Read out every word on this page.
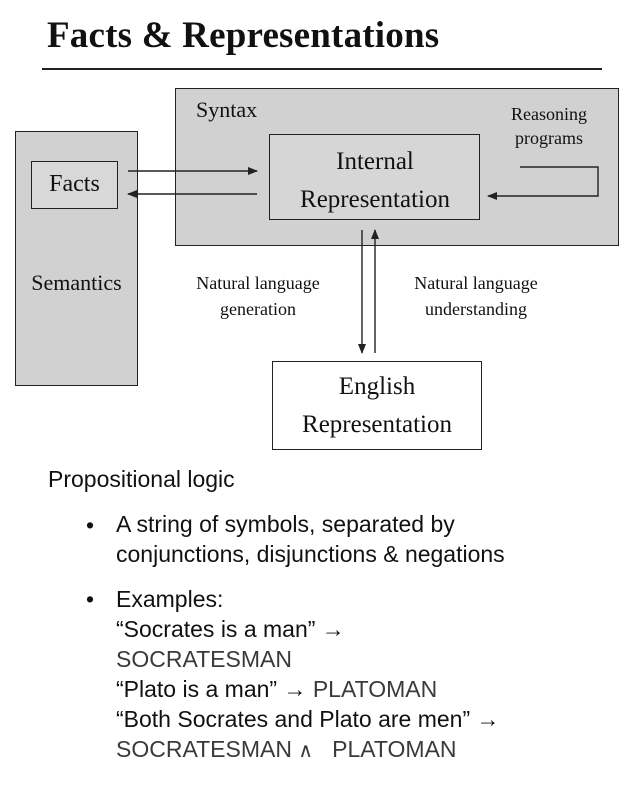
Facts & Representations
Syntax	Reasoning
programs
Internal
Representation
Facts
Semantics	Natural language
generation
Natural language
understanding
English
Representation
Propositional logic
• A string of symbols, separated by
conjunctions, disjunctions & negations
• Examples:
“Socrates is a man” →
SOCRATESMAN
“Plato is a man” → PLATOMAN
“Both Socrates and Plato are men” →
SOCRATESMAN ∧ PLATOMAN
